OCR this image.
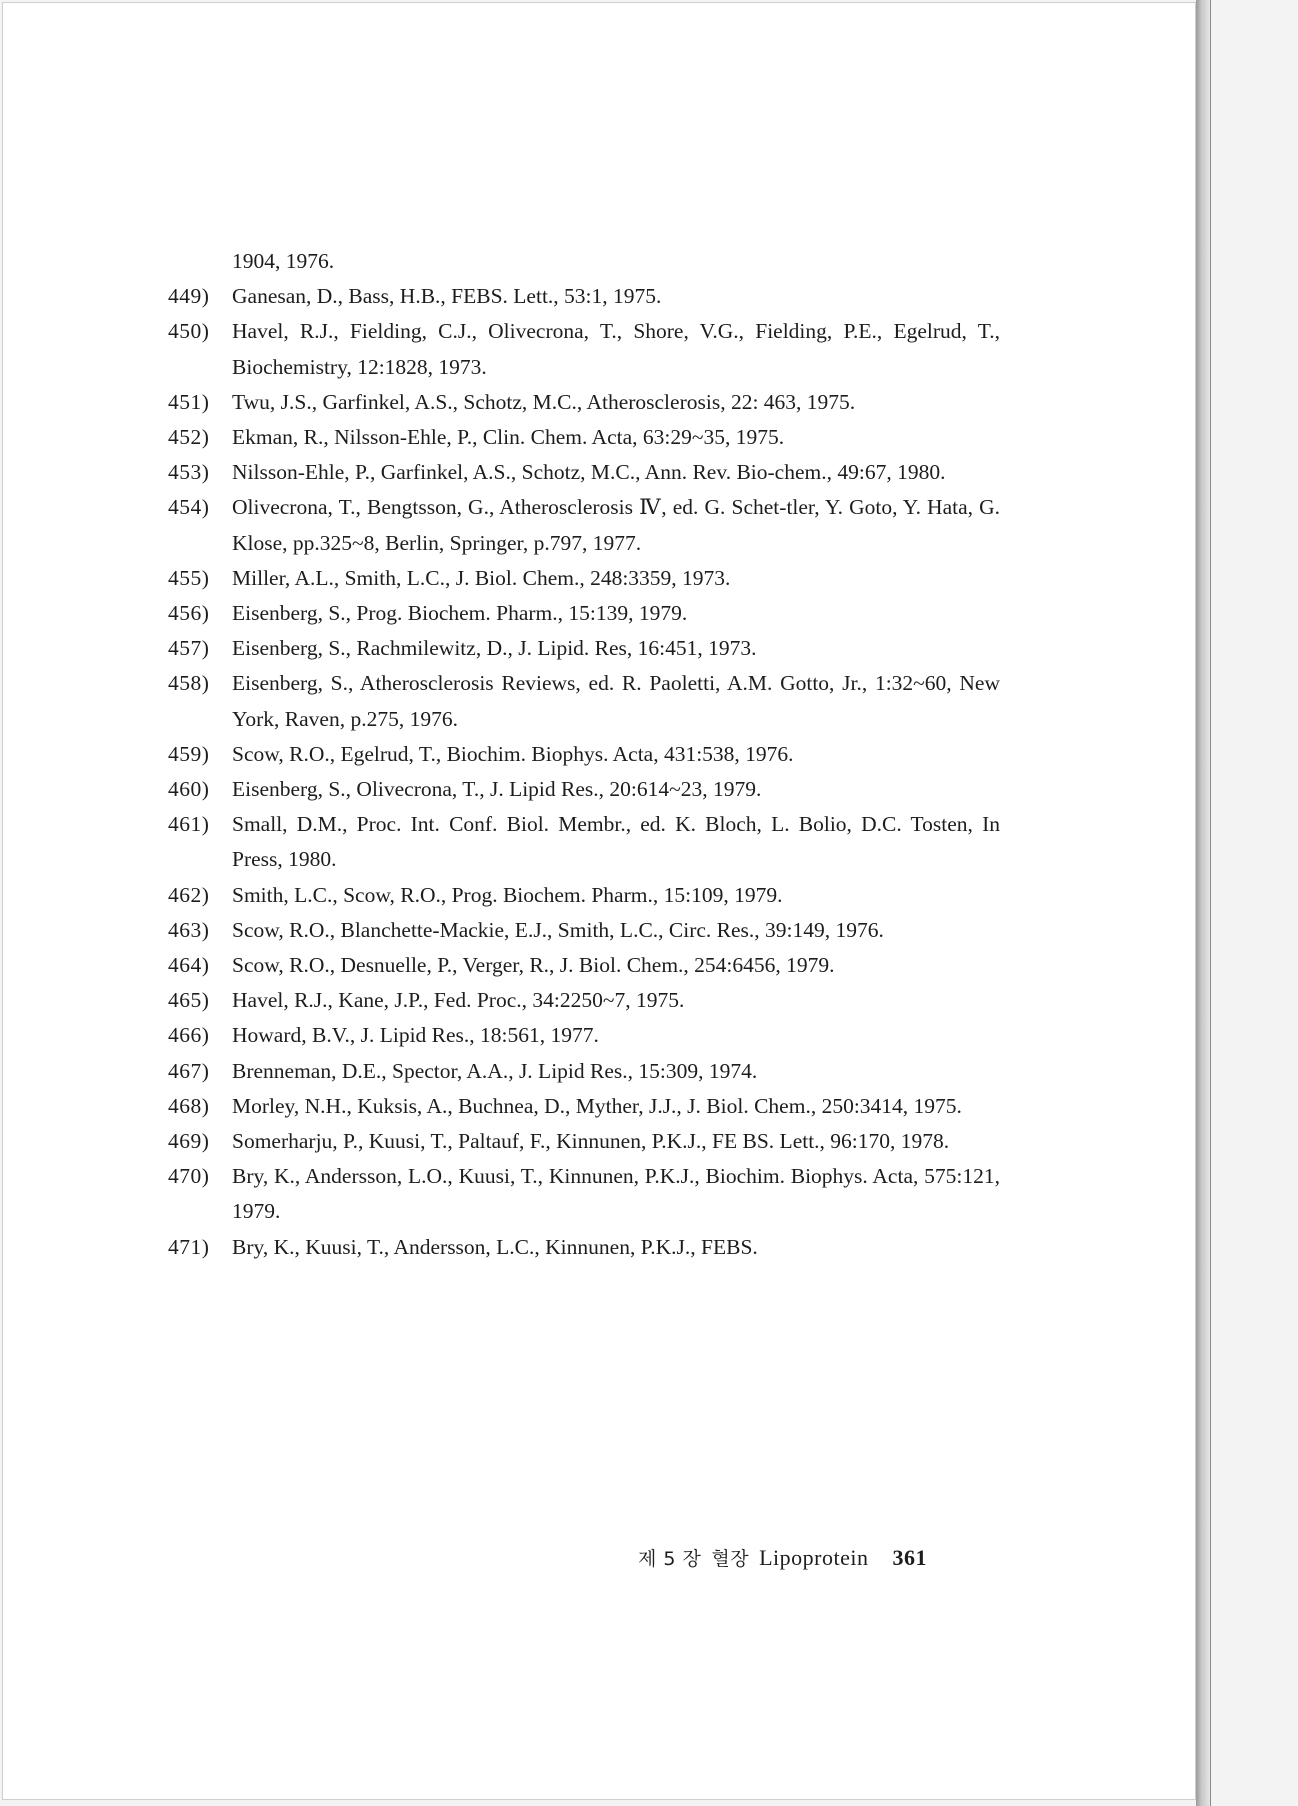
1904, 1976.
449) Ganesan, D., Bass, H.B., FEBS. Lett., 53:1, 1975.
450) Havel, R.J., Fielding, C.J., Olivecrona, T., Shore, V.G., Fielding, P.E., Egelrud, T., Biochemistry, 12:1828, 1973.
451) Twu, J.S., Garfinkel, A.S., Schotz, M.C., Atherosclerosis, 22: 463, 1975.
452) Ekman, R., Nilsson-Ehle, P., Clin. Chem. Acta, 63:29~35, 1975.
453) Nilsson-Ehle, P., Garfinkel, A.S., Schotz, M.C., Ann. Rev. Bio-chem., 49:67, 1980.
454) Olivecrona, T., Bengtsson, G., Atherosclerosis Ⅳ, ed. G. Schet-tler, Y. Goto, Y. Hata, G. Klose, pp.325~8, Berlin, Springer, p.797, 1977.
455) Miller, A.L., Smith, L.C., J. Biol. Chem., 248:3359, 1973.
456) Eisenberg, S., Prog. Biochem. Pharm., 15:139, 1979.
457) Eisenberg, S., Rachmilewitz, D., J. Lipid. Res, 16:451, 1973.
458) Eisenberg, S., Atherosclerosis Reviews, ed. R. Paoletti, A.M. Gotto, Jr., 1:32~60, New York, Raven, p.275, 1976.
459) Scow, R.O., Egelrud, T., Biochim. Biophys. Acta, 431:538, 1976.
460) Eisenberg, S., Olivecrona, T., J. Lipid Res., 20:614~23, 1979.
461) Small, D.M., Proc. Int. Conf. Biol. Membr., ed. K. Bloch, L. Bolio, D.C. Tosten, In Press, 1980.
462) Smith, L.C., Scow, R.O., Prog. Biochem. Pharm., 15:109, 1979.
463) Scow, R.O., Blanchette-Mackie, E.J., Smith, L.C., Circ. Res., 39:149, 1976.
464) Scow, R.O., Desnuelle, P., Verger, R., J. Biol. Chem., 254:6456, 1979.
465) Havel, R.J., Kane, J.P., Fed. Proc., 34:2250~7, 1975.
466) Howard, B.V., J. Lipid Res., 18:561, 1977.
467) Brenneman, D.E., Spector, A.A., J. Lipid Res., 15:309, 1974.
468) Morley, N.H., Kuksis, A., Buchnea, D., Myther, J.J., J. Biol. Chem., 250:3414, 1975.
469) Somerharju, P., Kuusi, T., Paltauf, F., Kinnunen, P.K.J., FE BS. Lett., 96:170, 1978.
470) Bry, K., Andersson, L.O., Kuusi, T., Kinnunen, P.K.J., Biochim. Biophys. Acta, 575:121, 1979.
471) Bry, K., Kuusi, T., Andersson, L.C., Kinnunen, P.K.J., FEBS.
제 5 장 혈장 Lipoprotein 361
